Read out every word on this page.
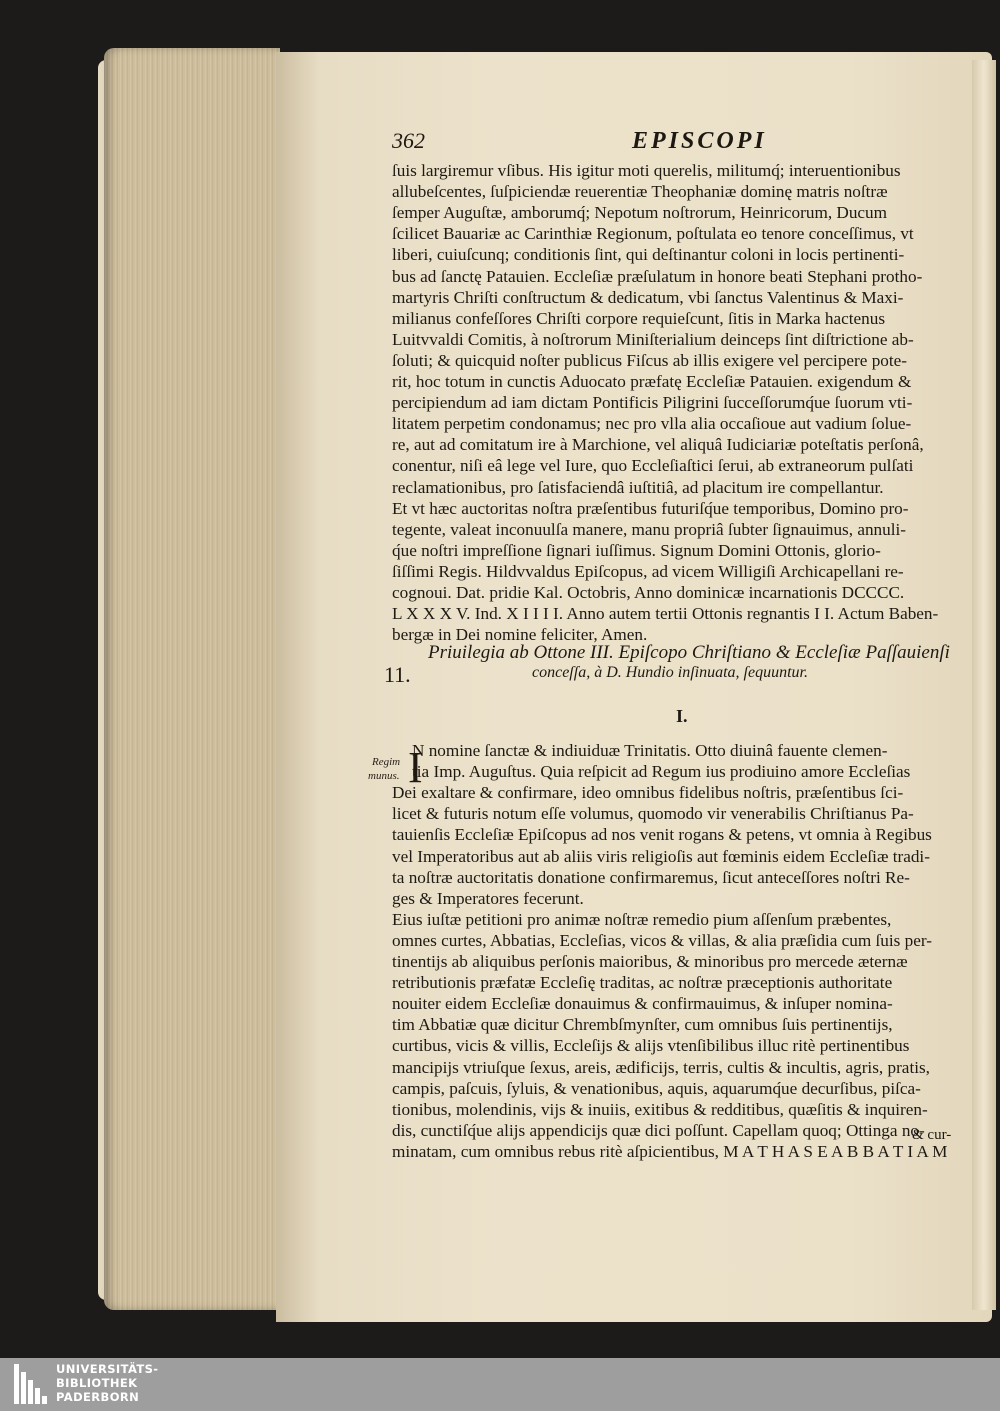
362	EPISCOPI
ſuis largiremur vſibus. His igitur moti querelis, militumq́; interuentionibus
allubeſcentes, ſuſpiciendæ reuerentiæ Theophaniæ dominę matris noſtræ
ſemper Auguſtæ, amborumq́; Nepotum noſtrorum, Heinricorum, Ducum
ſcilicet Bauariæ ac Carinthiæ Regionum, poſtulata eo tenore conceſſimus, vt
liberi, cuiuſcunq; conditionis ſint, qui deſtinantur coloni in locis pertinenti-
bus ad ſanctę Patauien. Eccleſiæ præſulatum in honore beati Stephani protho-
martyris Chriſti conſtructum & dedicatum, vbi ſanctus Valentinus & Maxi-
milianus confeſſores Chriſti corpore requieſcunt, ſitis in Marka hactenus
Luitvvaldi Comitis, à noſtrorum Miniſterialium deinceps ſint diſtrictione ab-
ſoluti; & quicquid noſter publicus Fiſcus ab illis exigere vel percipere pote-
rit, hoc totum in cunctis Aduocato præfatę Eccleſiæ Patauien. exigendum &
percipiendum ad iam dictam Pontificis Piligrini ſucceſſorumq́ue ſuorum vti-
litatem perpetim condonamus; nec pro vlla alia occaſioue aut vadium ſolue-
re, aut ad comitatum ire à Marchione, vel aliquâ Iudiciariæ poteſtatis perſonâ,
conentur, niſi eâ lege vel Iure, quo Eccleſiaſtici ſerui, ab extraneorum pulſati
reclamationibus, pro ſatisfaciendâ iuſtitiâ, ad placitum ire compellantur.
Et vt hæc auctoritas noſtra præſentibus futuriſq́ue temporibus, Domino pro-
tegente, valeat inconuulſa manere, manu propriâ ſubter ſignauimus, annuli-
q́ue noſtri impreſſione ſignari iuſſimus. Signum Domini Ottonis, glorio-
ſiſſimi Regis. Hildvvaldus Epiſcopus, ad vicem Willigiſi Archicapellani re-
cognoui. Dat. pridie Kal. Octobris, Anno dominicæ incarnationis DCCCC.
L X X X V. Ind. X I I I I. Anno autem tertii Ottonis regnantis I I. Actum Baben-
bergæ in Dei nomine feliciter, Amen.
11.
Priuilegia ab Ottone III. Epiſcopo Chriſtiano & Eccleſiæ Paſſauienſi
conceſſa, à D. Hundio inſinuata, ſequuntur.
I.
Regim
munus. I
N nomine ſanctæ & indiuiduæ Trinitatis. Otto diuinâ fauente clemen-
tia Imp. Auguſtus. Quia reſpicit ad Regum ius prodiuino amore Eccleſias
Dei exaltare & confirmare, ideo omnibus fidelibus noſtris, præſentibus ſci-
licet & futuris notum eſſe volumus, quomodo vir venerabilis Chriſtianus Pa-
tauienſis Eccleſiæ Epiſcopus ad nos venit rogans & petens, vt omnia à Regibus
vel Imperatoribus aut ab aliis viris religioſis aut fœminis eidem Eccleſiæ tradi-
ta noſtræ auctoritatis donatione confirmaremus, ſicut anteceſſores noſtri Re-
ges & Imperatores fecerunt.
Eius iuſtæ petitioni pro animæ noſtræ remedio pium aſſenſum præbentes,
omnes curtes, Abbatias, Eccleſias, vicos & villas, & alia præſidia cum ſuis per-
tinentijs ab aliquibus perſonis maioribus, & minoribus pro mercede æternæ
retributionis præfatæ Eccleſię traditas, ac noſtræ præceptionis authoritate
nouiter eidem Eccleſiæ donauimus & confirmauimus, & inſuper nomina-
tim Abbatiæ quæ dicitur Chrembſmynſter, cum omnibus ſuis pertinentijs,
curtibus, vicis & villis, Eccleſijs & alijs vtenſibilibus illuc ritè pertinentibus
mancipijs vtriuſque ſexus, areis, ædificijs, terris, cultis & incultis, agris, pratis,
campis, paſcuis, ſyluis, & venationibus, aquis, aquarumq́ue decurſibus, piſca-
tionibus, molendinis, vijs & inuiis, exitibus & redditibus, quæſitis & inquiren-
dis, cunctiſq́ue alijs appendicijs quæ dici poſſunt. Capellam quoq; Ottinga no-
minatam, cum omnibus rebus ritè aſpicientibus, M A T H A S E A B B A T I A M
& cur-
UNIVERSITÄTS-
BIBLIOTHEK
PADERBORN
